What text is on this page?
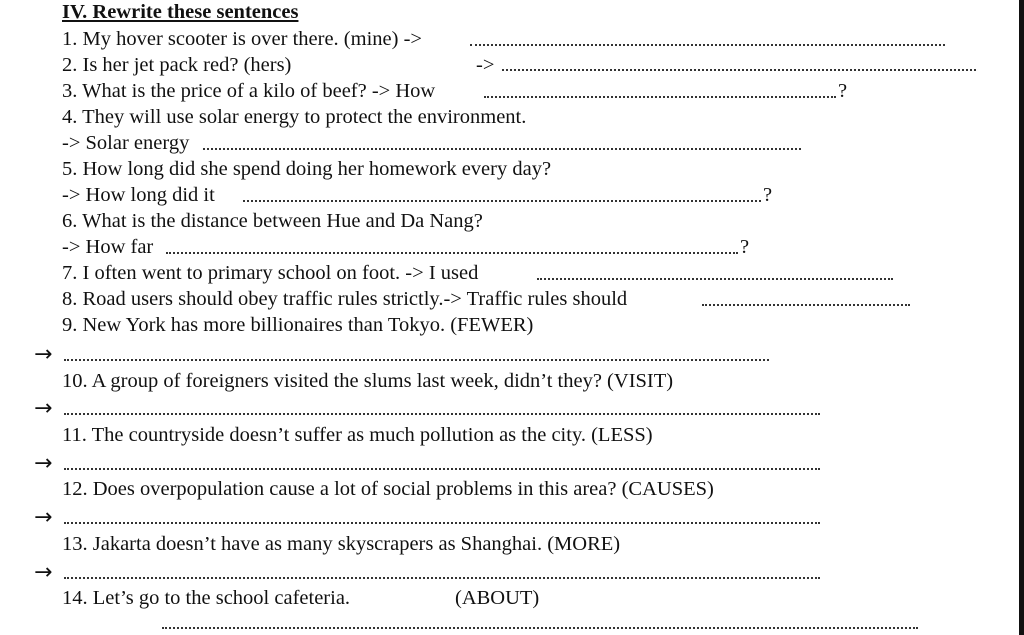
IV. Rewrite these sentences
1. My hover scooter is over there. (mine) ->
2. Is her jet pack red? (hers)	->
3. What is the price of a kilo of beef? -> How	?
4. They will use solar energy to protect the environment.
-> Solar energy
5. How long did she spend doing her homework every day?
-> How long did it	?
6. What is the distance between Hue and Da Nang?
-> How far	?
7. I often went to primary school on foot. -> I used
8. Road users should obey traffic rules strictly.-> Traffic rules should
9. New York has more billionaires than Tokyo. (FEWER)
→
10. A group of foreigners visited the slums last week, didn’t they? (VISIT)
→
11. The countryside doesn’t suffer as much pollution as the city. (LESS)
→
12. Does overpopulation cause a lot of social problems in this area? (CAUSES)
→
13. Jakarta doesn’t have as many skyscrapers as Shanghai. (MORE)
→
14. Let’s go to the school cafeteria.	(ABOUT)
